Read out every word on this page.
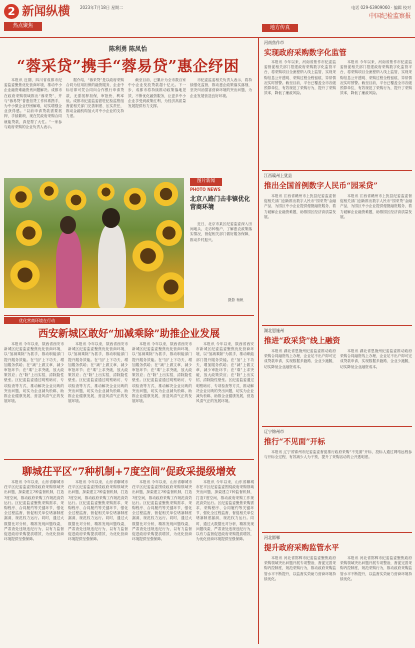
2 新闻纵横 2023年7月18日 星期二	电话 029-63909060 · 编辑 校对
中国纪检监察报
热点聚焦	地方传真
陈利勇 陈凤怡
“蓉采贷”携手“蓉易贷”惠企纾困

本报讯 近期，四川省成都市纪委监委聚焦优化营商环境，推动中小企业融资难融资贵问题解决。成都市在政府采购领域推出“蓉采贷”，并与“蓉易贷”普惠信贷工作体系携手，为中小微企业纾困解难，切实增强企业获得感。“以前申请贷款需要抵押，手续繁琐，现在凭政府采购合同就能贷款，真是帮了大忙。”一家参与政府采购的企业负责人表示。

据介绍，“蓉采贷”是以政府采购合同为信用担保的融资服务，企业中标后即可凭合同向合作银行申请贷款，无需抵押担保，审批快、利率低。成都市纪委监委派驻纪检监察组督促相关部门完善制度、压实责任，推动金融机构加大对中小企业的支持力度。

截至目前，已累计为全市数百家中小企业发放贷款超十亿元。下一步，成都市将持续推动政策落地见效，不断优化融资服务，让更多中小企业享受到政策红利，为经济高质量发展提供有力支撑。

市纪委监委相关负责人表示，将持续强化监督，推动惠企政策落实落细，坚决纠治损害营商环境的突出问题，为企业发展营造良好环境。

图片新闻
PHOTO NEWS
北京八路门击非镇优化营商环境

近日，北京市某区纪委监委深入田间地头，走访种植户，了解惠农政策落实情况，督促相关部门做好服务保障，推动乡村振兴。

摄影 杨帆
优化营商环境在行动
西安新城区敢好“加减乘除”助推企业发展

本报讯 今年以来，陕西省西安市新城区纪委监委聚焦优化营商环境，以“加减乘除”为抓手，推动职能部门提升服务效能。在“加”上下功夫，增加服务供给；在“减”上做文章，减少审批环节；在“乘”上求突破，放大政策效应；在“除”上出实招，清除隐性壁垒。区纪委监委通过明察暗访、专项检查等方式，推动解决企业反映的突出问题，切实为企业减负松绑，助推企业健康发展，营造风清气正的发展环境。

本报讯 今年以来，陕西省西安市新城区纪委监委聚焦优化营商环境，以“加减乘除”为抓手，推动职能部门提升服务效能。在“加”上下功夫，增加服务供给；在“减”上做文章，减少审批环节；在“乘”上求突破，放大政策效应；在“除”上出实招，清除隐性壁垒。区纪委监委通过明察暗访、专项检查等方式，推动解决企业反映的突出问题，切实为企业减负松绑，助推企业健康发展，营造风清气正的发展环境。

本报讯 今年以来，陕西省西安市新城区纪委监委聚焦优化营商环境，以“加减乘除”为抓手，推动职能部门提升服务效能。在“加”上下功夫，增加服务供给；在“减”上做文章，减少审批环节；在“乘”上求突破，放大政策效应；在“除”上出实招，清除隐性壁垒。区纪委监委通过明察暗访、专项检查等方式，推动解决企业反映的突出问题，切实为企业减负松绑，助推企业健康发展，营造风清气正的发展环境。

本报讯 今年以来，陕西省西安市新城区纪委监委聚焦优化营商环境，以“加减乘除”为抓手，推动职能部门提升服务效能。在“加”上下功夫，增加服务供给；在“减”上做文章，减少审批环节；在“乘”上求突破，放大政策效应；在“除”上出实招，清除隐性壁垒。区纪委监委通过明察暗访、专项检查等方式，推动解决企业反映的突出问题，切实为企业减负松绑，助推企业健康发展，营造风清气正的发展环境。

聊城茌平区“7种机制+7度空间”促政采提级增效

本报讯 今年以来，山东省聊城市茌平区纪委监委围绕政府采购领域突出问题，探索建立7种监督机制，打造7度空间，推动政府采购工作规范高效运行。区纪委监委聚焦采购需求、采购程序、合同履约等关键环节，强化全过程监督，督促相关单位堵塞制度漏洞，规范权力运行。同时，通过大数据比对分析，精准发现问题线索，严肃查处违规违纪行为，以有力监督促进政府采购提质增效，为优化营商环境提供坚强保障。

本报讯 今年以来，山东省聊城市茌平区纪委监委围绕政府采购领域突出问题，探索建立7种监督机制，打造7度空间，推动政府采购工作规范高效运行。区纪委监委聚焦采购需求、采购程序、合同履约等关键环节，强化全过程监督，督促相关单位堵塞制度漏洞，规范权力运行。同时，通过大数据比对分析，精准发现问题线索，严肃查处违规违纪行为，以有力监督促进政府采购提质增效，为优化营商环境提供坚强保障。

本报讯 今年以来，山东省聊城市茌平区纪委监委围绕政府采购领域突出问题，探索建立7种监督机制，打造7度空间，推动政府采购工作规范高效运行。区纪委监委聚焦采购需求、采购程序、合同履约等关键环节，强化全过程监督，督促相关单位堵塞制度漏洞，规范权力运行。同时，通过大数据比对分析，精准发现问题线索，严肃查处违规违纪行为，以有力监督促进政府采购提质增效，为优化营商环境提供坚强保障。

本报讯 今年以来，山东省聊城市茌平区纪委监委围绕政府采购领域突出问题，探索建立7种监督机制，打造7度空间，推动政府采购工作规范高效运行。区纪委监委聚焦采购需求、采购程序、合同履约等关键环节，强化全过程监督，督促相关单位堵塞制度漏洞，规范权力运行。同时，通过大数据比对分析，精准发现问题线索，严肃查处违规违纪行为，以有力监督促进政府采购提质增效，为优化营商环境提供坚强保障。

河南焦作市
实现政府采购数字化监管

本报讯 今年以来，河南省焦作市纪委监委督促相关部门搭建政府采购数字化监管平台，将采购项目全流程纳入线上监管，实现采购信息公开透明、采购过程全程留痕、异常情况实时预警。截至目前，平台已覆盖全市各级预算单位，有效规范了采购行为，提升了采购效率，降低了廉政风险。

本报讯 今年以来，河南省焦作市纪委监委督促相关部门搭建政府采购数字化监管平台，将采购项目全流程纳入线上监管，实现采购信息公开透明、采购过程全程留痕、异常情况实时预警。截至目前，平台已覆盖全市各级预算单位，有效规范了采购行为，提升了采购效率，降低了廉政风险。

江西赣州上犹县
推出全国首例数字人民币“园采贷”

本报讯 江西省赣州市上犹县纪委监委督促相关部门创新推出数字人民币“园采贷”金融产品，为园区中小企业提供便捷融资服务，着力破解企业融资难题，助推园区经济高质量发展。

本报讯 江西省赣州市上犹县纪委监委督促相关部门创新推出数字人民币“园采贷”金融产品，为园区中小企业提供便捷融资服务，着力破解企业融资难题，助推园区经济高质量发展。

湖北恩施州
推进“政采贷”线上融资

本报讯 湖北省恩施州纪委监委推动政府采购合同融资线上办理，企业足不出户即可完成贷款申请，实现数据多跑路、企业少跑腿，切实降低企业融资成本。

本报讯 湖北省恩施州纪委监委推动政府采购合同融资线上办理，企业足不出户即可完成贷款申请，实现数据多跑路、企业少跑腿，切实降低企业融资成本。

辽宁锦州市
推行“不见面”开标

本报讯 辽宁省锦州市纪委监委督促推行政府采购“不见面”开标，投标人通过网络远程参与开标全过程，有效减少人为干预，提升了采购活动的公开透明度。

河北邯郸
提升政府采购监管水平

本报讯 河北省邯郸市纪委监委聚焦政府采购领域突出问题开展专项整治，督促完善采购内控制度，规范采购行为，推动政府采购监管水平不断提升，以监督实效助力营商环境持续优化。

本报讯 河北省邯郸市纪委监委聚焦政府采购领域突出问题开展专项整治，督促完善采购内控制度，规范采购行为，推动政府采购监管水平不断提升，以监督实效助力营商环境持续优化。
